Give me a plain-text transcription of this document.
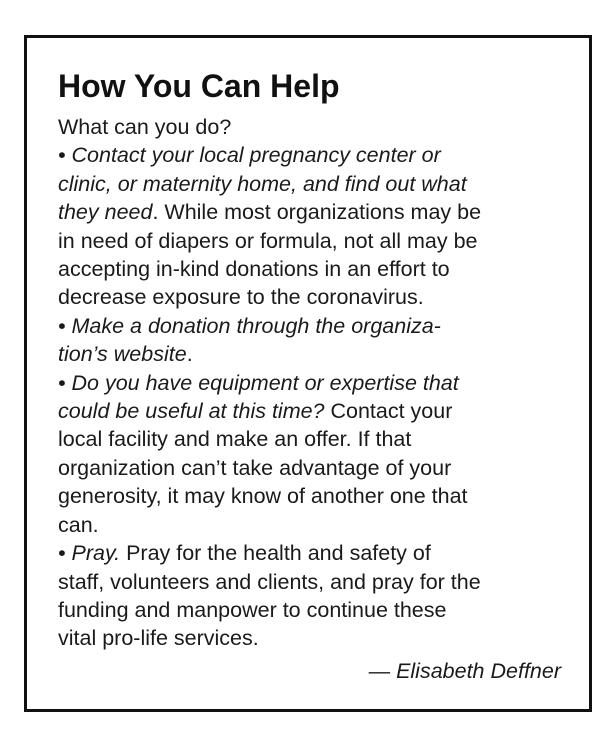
How You Can Help
What can you do?
• Contact your local pregnancy center or
clinic, or maternity home, and find out what
they need. While most organizations may be
in need of diapers or formula, not all may be
accepting in-kind donations in an effort to
decrease exposure to the coronavirus.
• Make a donation through the organiza-
tion’s website.
• Do you have equipment or expertise that
could be useful at this time? Contact your
local facility and make an offer. If that
organization can’t take advantage of your
generosity, it may know of another one that
can.
• Pray. Pray for the health and safety of
staff, volunteers and clients, and pray for the
funding and manpower to continue these
vital pro-life services.
— Elisabeth Deffner
